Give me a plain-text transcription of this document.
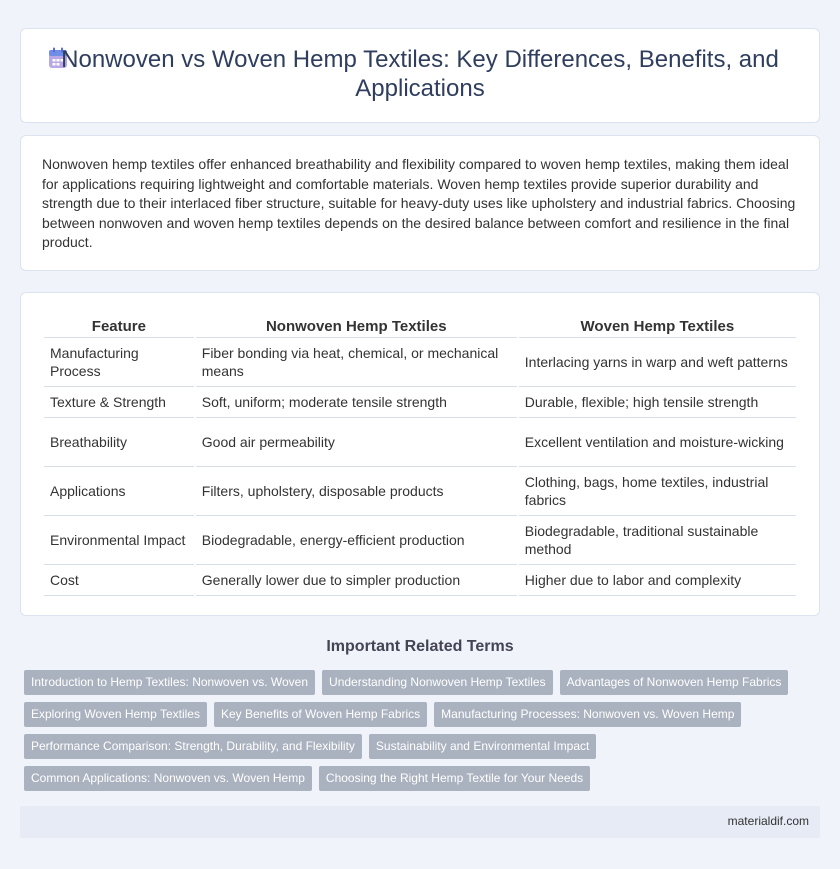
Nonwoven vs Woven Hemp Textiles: Key Differences, Benefits, and Applications

Nonwoven hemp textiles offer enhanced breathability and flexibility compared to woven hemp textiles, making them ideal for applications requiring lightweight and comfortable materials. Woven hemp textiles provide superior durability and strength due to their interlaced fiber structure, suitable for heavy-duty uses like upholstery and industrial fabrics. Choosing between nonwoven and woven hemp textiles depends on the desired balance between comfort and resilience in the final product.

Feature	Nonwoven Hemp Textiles	Woven Hemp Textiles
Manufacturing Process	Fiber bonding via heat, chemical, or mechanical means	Interlacing yarns in warp and weft patterns
Texture & Strength	Soft, uniform; moderate tensile strength	Durable, flexible; high tensile strength
Breathability	Good air permeability	Excellent ventilation and moisture-wicking
Applications	Filters, upholstery, disposable products	Clothing, bags, home textiles, industrial fabrics
Environmental Impact	Biodegradable, energy-efficient production	Biodegradable, traditional sustainable method
Cost	Generally lower due to simpler production	Higher due to labor and complexity
Important Related Terms
Introduction to Hemp Textiles: Nonwoven vs. Woven Understanding Nonwoven Hemp Textiles Advantages of Nonwoven Hemp Fabrics
Exploring Woven Hemp Textiles Key Benefits of Woven Hemp Fabrics Manufacturing Processes: Nonwoven vs. Woven Hemp
Performance Comparison: Strength, Durability, and Flexibility Sustainability and Environmental Impact
Common Applications: Nonwoven vs. Woven Hemp Choosing the Right Hemp Textile for Your Needs
materialdif.com
